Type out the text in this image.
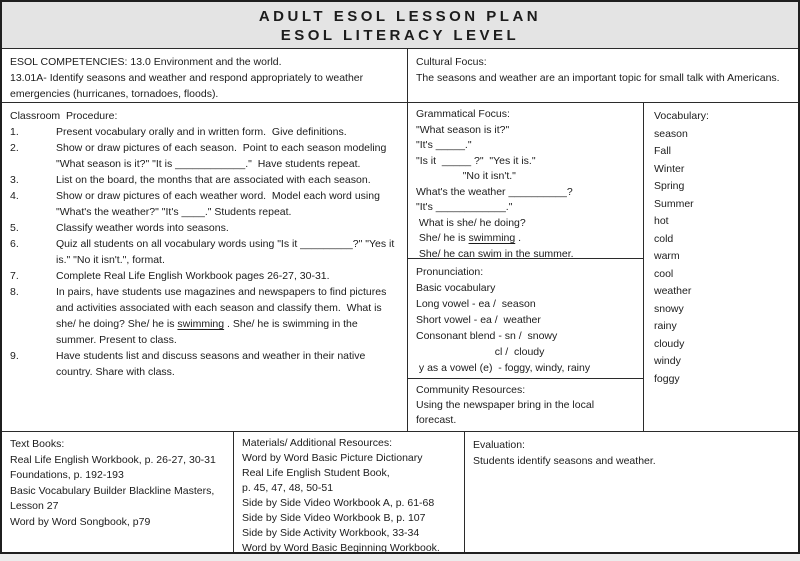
ADULT ESOL LESSON PLAN
ESOL LITERACY LEVEL
ESOL COMPETENCIES: 13.0 Environment and the world.
13.01A- Identify seasons and weather and respond appropriately to weather emergencies (hurricanes, tornadoes, floods).
Cultural Focus:
The seasons and weather are an important topic for small talk with Americans.
Classroom  Procedure:
1.	Present vocabulary orally and in written form.  Give definitions.
2.	Show or draw pictures of each season.  Point to each season modeling "What season is it?" "It is ____________."  Have students repeat.
3.	List on the board, the months that are associated with each season.
4.	Show or draw pictures of each weather word.  Model each word using "What's the weather?" "It's ____." Students repeat.
5.	Classify weather words into seasons.
6.	Quiz all students on all vocabulary words using "Is it _________?" "Yes it is." "No it isn't.", format.
7.	Complete Real Life English Workbook pages 26-27, 30-31.
8.	In pairs, have students use magazines and newspapers to find pictures and activities associated with each season and classify them.  What is she/ he doing? She/ he is swimming . She/ he is swimming in the summer. Present to class.
9.	Have students list and discuss seasons and weather in their native country. Share with class.
Grammatical Focus:
"What season is it?"
"It's _____."
"Is it  _____ ?"  "Yes it is."
"No it isn't."
What's the weather __________?
"It's ____________."
What is she/ he doing?
She/ he is swimming .
She/ he can swim in the summer.
Pronunciation:
Basic vocabulary
Long vowel - ea /  season
Short vowel - ea /  weather
Consonant blend - sn /  snowy
cl /  cloudy
y as a vowel (e)  - foggy, windy, rainy
Community Resources:
Using the newspaper bring in the local forecast.
Vocabulary:
season
Fall
Winter
Spring
Summer
hot
cold
warm
cool
weather
snowy
rainy
cloudy
windy
foggy
Text Books:
Real Life English Workbook, p. 26-27, 30-31
Foundations, p. 192-193
Basic Vocabulary Builder Blackline Masters,
Lesson 27
Word by Word Songbook, p79
Materials/ Additional Resources:
Word by Word Basic Picture Dictionary
Real Life English Student Book,
p. 45, 47, 48, 50-51
Side by Side Video Workbook A, p. 61-68
Side by Side Video Workbook B, p. 107
Side by Side Activity Workbook, 33-34
Word by Word Basic Beginning Workbook.
Evaluation:
Students identify seasons and weather.
